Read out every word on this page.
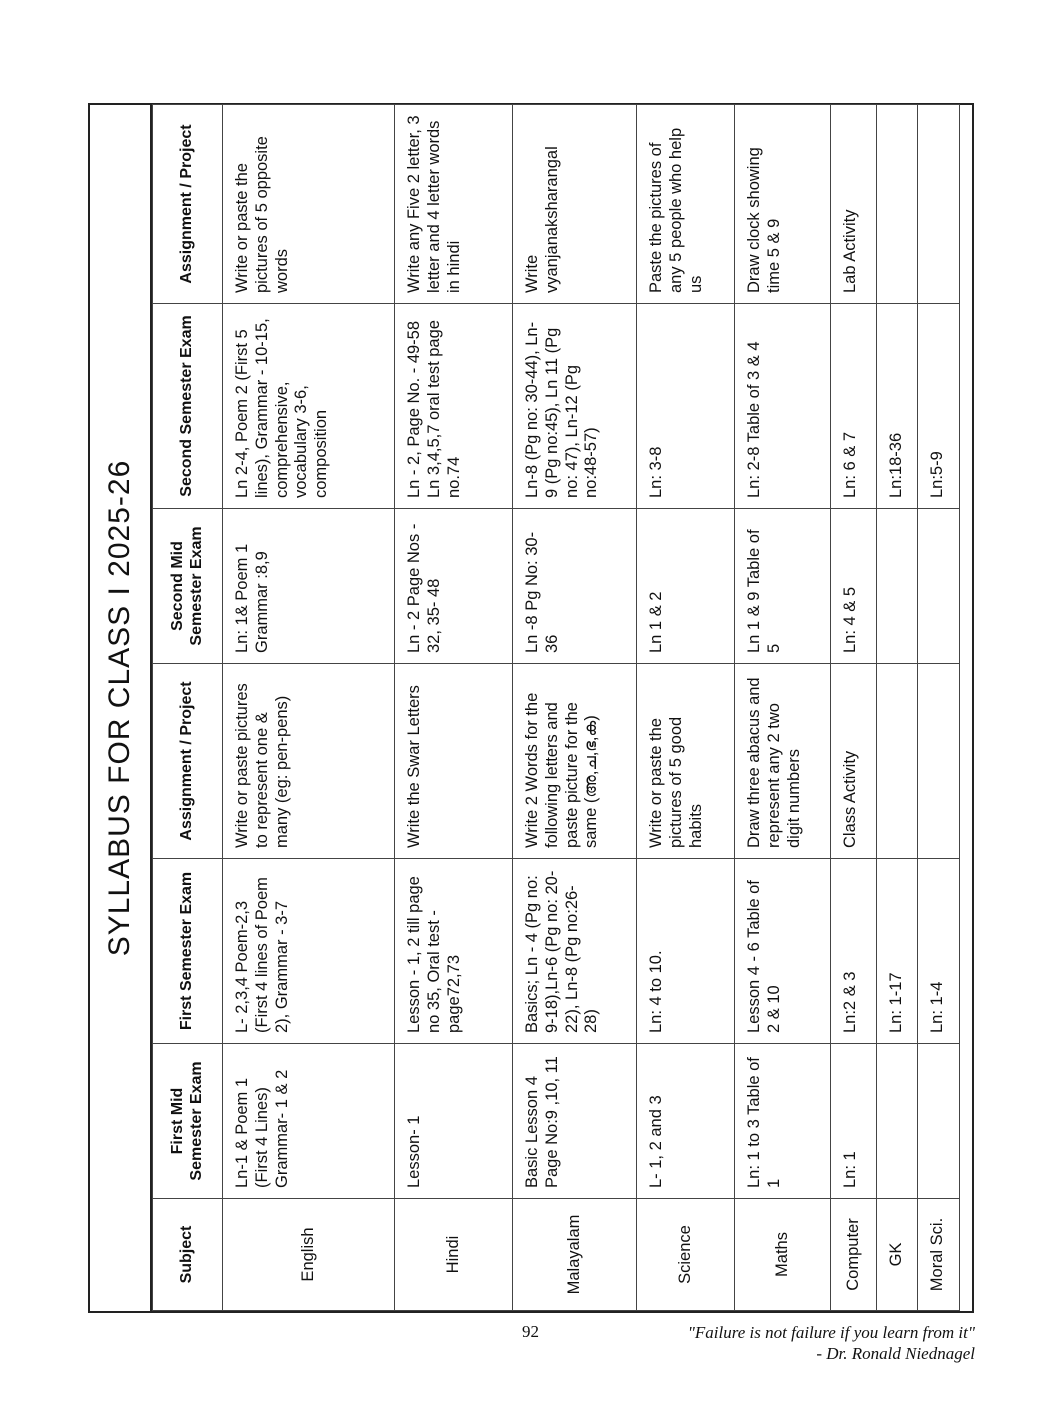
SYLLABUS FOR CLASS I 2025-26
Subject	First Mid Semester Exam	First Semester Exam	Assignment / Project	Second Mid Semester Exam	Second Semester Exam	Assignment / Project
English	Ln-1 & Poem 1 (First 4 Lines) Grammar- 1 & 2	L- 2,3,4 Poem-2,3 (First 4 lines of Poem 2), Grammar - 3-7	Write or paste pictures to represent one & many (eg: pen-pens)	Ln: 1& Poem 1 Grammar :8,9	Ln 2-4, Poem 2 (First 5 lines), Grammar - 10-15, comprehensive, vocabulary 3-6, composition	Write or paste the pictures of 5 opposite words
Hindi	Lesson- 1	Lesson - 1, 2 till page no 35, Oral test - page72,73	Write the Swar Letters	Ln - 2 Page Nos - 32, 35- 48	Ln - 2, Page No. - 49-58 Ln 3,4,5,7 oral test page no.74	Write any Five 2 letter, 3 letter and 4 letter words in hindi
Malayalam	Basic Lesson 4 Page No:9 ,10, 11	Basics; Ln - 4 (Pg no: 9-18),Ln-6 (Pg no: 20-22), Ln-8 (Pg no:26-28)	Write 2 Words for the following letters and paste picture for the same (അ,ച,ഭ,ക)	Ln -8 Pg No: 30-36	Ln-8 (Pg no: 30-44), Ln-9 (Pg no:45), Ln 11 (Pg no: 47), Ln-12 (Pg no:48-57)	Write vyanjanaksharangal
Science	L- 1, 2 and 3	Ln: 4 to 10.	Write or paste the pictures of 5 good habits	Ln 1 & 2	Ln: 3-8	Paste the pictures of any 5 people who help us
Maths	Ln: 1 to 3 Table of 1	Lesson 4 - 6 Table of 2 & 10	Draw three abacus and represent any 2 two digit numbers	Ln 1 & 9 Table of 5	Ln: 2-8 Table of 3 & 4	Draw clock showing time 5 & 9
Computer	Ln: 1	Ln:2 & 3	Class Activity	Ln: 4 & 5	Ln: 6 & 7	Lab Activity
GK		Ln: 1-17			Ln:18-36	
Moral Sci.		Ln: 1-4			Ln:5-9	
92	"Failure is not failure if you learn from it"
- Dr. Ronald Niednagel
